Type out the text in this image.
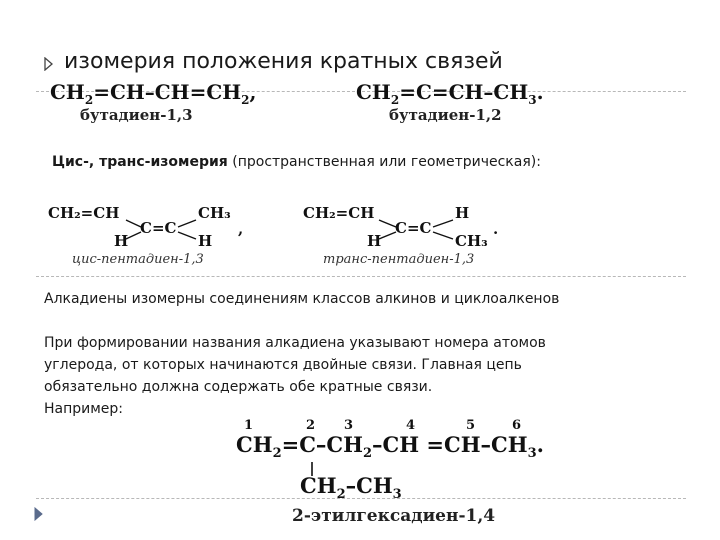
изомерия положения кратных связей
$CH_2=CH-CH=CH_2$,
бутадиен-1,3
$CH_2=C=CH-CH_3$.
бутадиен-1,2
Цис-, транс-изомерия (пространственная или геометрическая):
CH₂=CH	CH₃
C=C
H	H
,
цис-пентадиен-1,3
CH₂=CH	H
C=C
H	CH₃
.
транс-пентадиен-1,3
Алкадиены изомерны соединениям классов алкинов и циклоалкенов
При формировании названия алкадиена указывают номера атомов
углерода, от которых начинаются двойные связи. Главная цепь
обязательно должна содержать обе кратные связи.
Например:
1	2 3	4	5	6
$CH_2=C-CH_2-CH =CH-CH_3$.
$CH_2-CH_3$
2-этилгексадиен-1,4
